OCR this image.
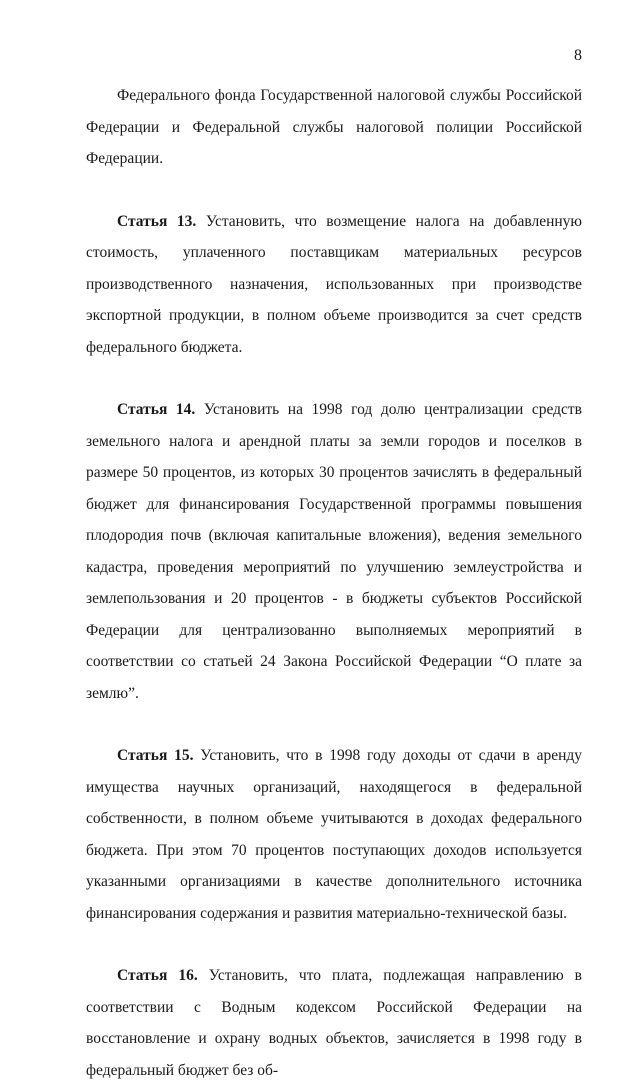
8

Федерального фонда Государственной налоговой службы Российской Федерации и Федеральной службы налоговой полиции Российской Федерации.

Статья 13. Установить, что возмещение налога на добавленную стоимость, уплаченного поставщикам материальных ресурсов производственного назначения, использованных при производстве экспортной продукции, в полном объеме производится за счет средств федерального бюджета.

Статья 14. Установить на 1998 год долю централизации средств земельного налога и арендной платы за земли городов и поселков в размере 50 процентов, из которых 30 процентов зачислять в федеральный бюджет для финансирования Государственной программы повышения плодородия почв (включая капитальные вложения), ведения земельного кадастра, проведения мероприятий по улучшению землеустройства и землепользования и 20 процентов - в бюджеты субъектов Российской Федерации для централизованно выполняемых мероприятий в соответствии со статьей 24 Закона Российской Федерации “О плате за землю”.

Статья 15. Установить, что в 1998 году доходы от сдачи в аренду имущества научных организаций, находящегося в федеральной собственности, в полном объеме учитываются в доходах федерального бюджета. При этом 70 процентов поступающих доходов используется указанными организациями в качестве дополнительного источника финансирования содержания и развития материально-технической базы.

Статья 16. Установить, что плата, подлежащая направлению в соответствии с Водным кодексом Российской Федерации на восстановление и охрану водных объектов, зачисляется в 1998 году в федеральный бюджет без об-
